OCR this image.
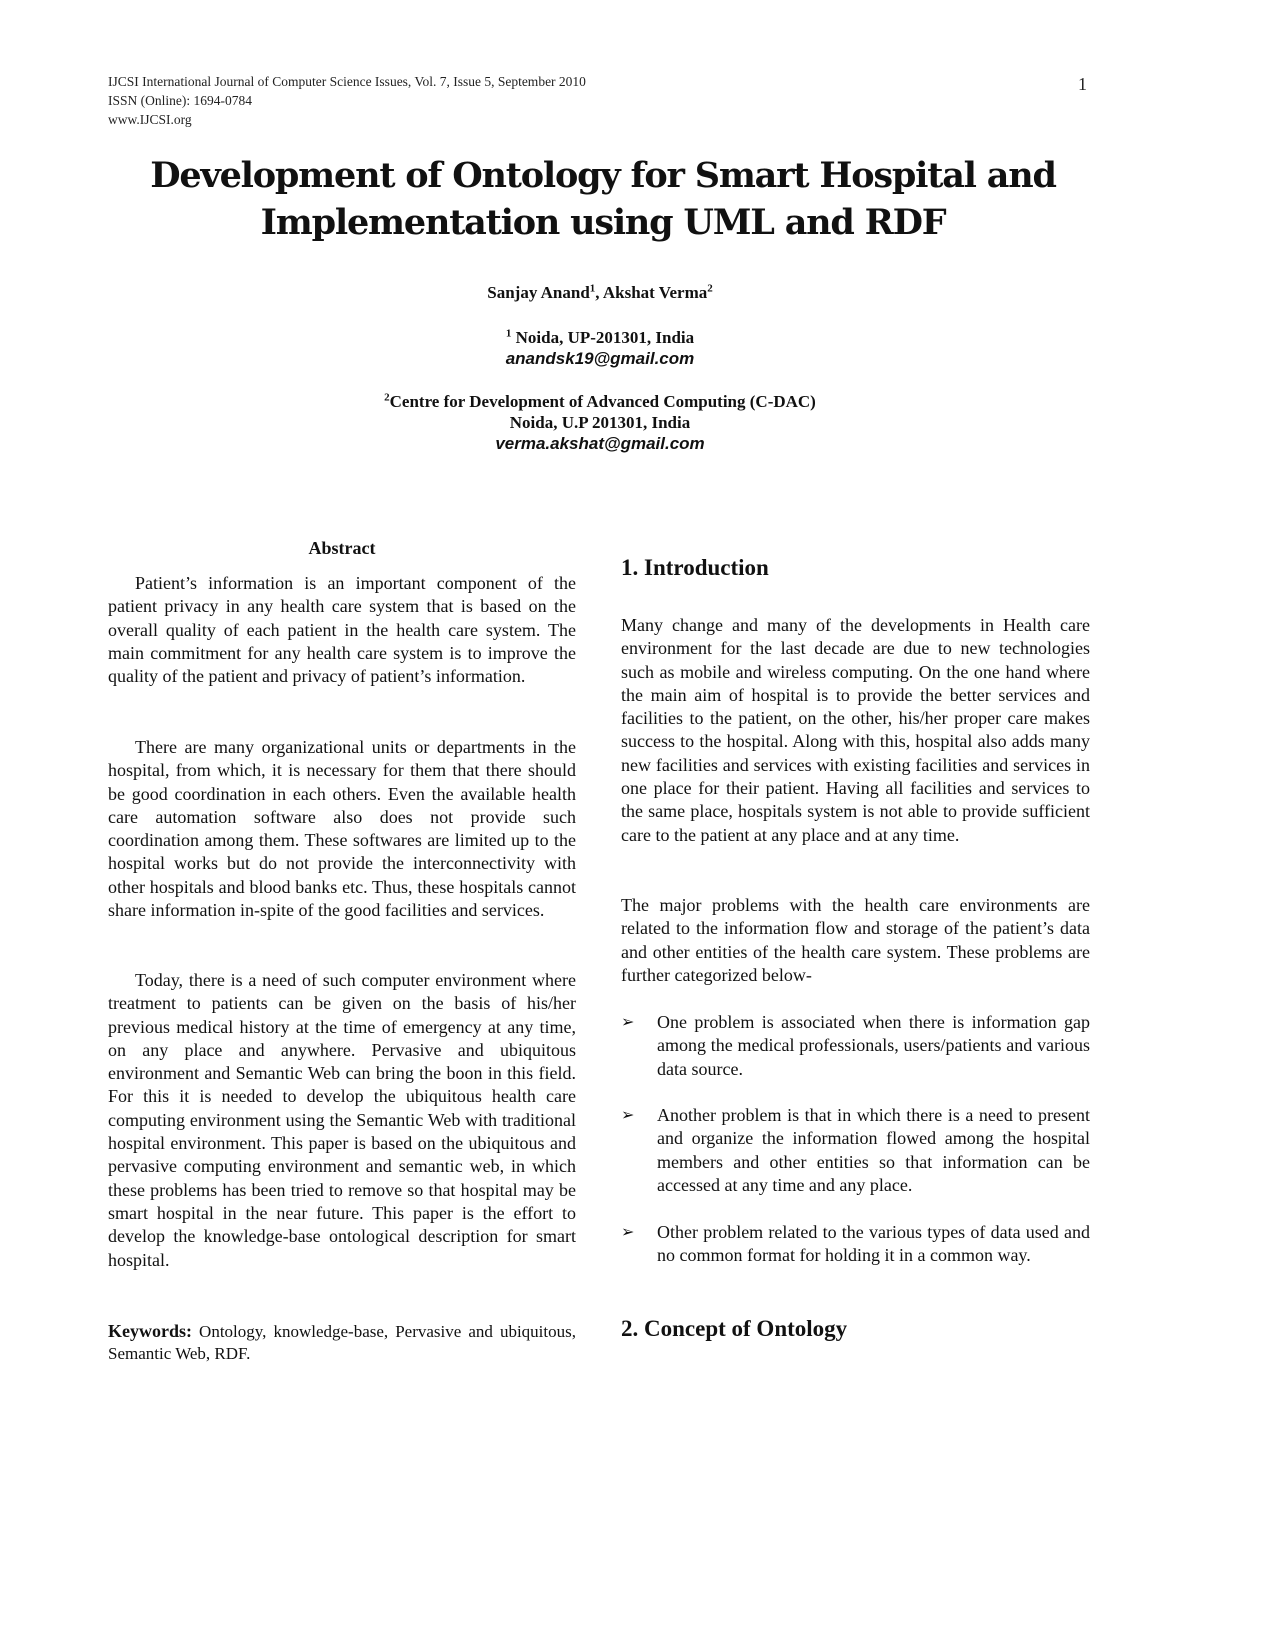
IJCSI International Journal of Computer Science Issues, Vol. 7, Issue 5, September 2010
ISSN (Online): 1694-0784
www.IJCSI.org
1
Development of Ontology for Smart Hospital and
Implementation using UML and RDF
Sanjay Anand$^1$, Akshat Verma$^2$
$^1$ Noida, UP-201301, India
anandsk19@gmail.com
$^2$Centre for Development of Advanced Computing (C-DAC)
Noida, U.P 201301, India
verma.akshat@gmail.com
Abstract

Patient’s information is an important component of the patient privacy in any health care system that is based on the overall quality of each patient in the health care system. The main commitment for any health care system is to improve the quality of the patient and privacy of patient’s information.

There are many organizational units or departments in the hospital, from which, it is necessary for them that there should be good coordination in each others. Even the available health care automation software also does not provide such coordination among them. These softwares are limited up to the hospital works but do not provide the interconnectivity with other hospitals and blood banks etc. Thus, these hospitals cannot share information in-spite of the good facilities and services.

Today, there is a need of such computer environment where treatment to patients can be given on the basis of his/her previous medical history at the time of emergency at any time, on any place and anywhere. Pervasive and ubiquitous environment and Semantic Web can bring the boon in this field. For this it is needed to develop the ubiquitous health care computing environment using the Semantic Web with traditional hospital environment. This paper is based on the ubiquitous and pervasive computing environment and semantic web, in which these problems has been tried to remove so that hospital may be smart hospital in the near future. This paper is the effort to develop the knowledge-base ontological description for smart hospital.

Keywords: Ontology, knowledge-base, Pervasive and ubiquitous, Semantic Web, RDF.
1. Introduction

Many change and many of the developments in Health care environment for the last decade are due to new technologies such as mobile and wireless computing. On the one hand where the main aim of hospital is to provide the better services and facilities to the patient, on the other, his/her proper care makes success to the hospital. Along with this, hospital also adds many new facilities and services with existing facilities and services in one place for their patient. Having all facilities and services to the same place, hospitals system is not able to provide sufficient care to the patient at any place and at any time.

The major problems with the health care environments are related to the information flow and storage of the patient’s data and other entities of the health care system. These problems are further categorized below-

➢ One problem is associated when there is information gap among the medical professionals, users/patients and various data source.
➢ Another problem is that in which there is a need to present and organize the information flowed among the hospital members and other entities so that information can be accessed at any time and any place.
➢ Other problem related to the various types of data used and no common format for holding it in a common way.
2. Concept of Ontology
